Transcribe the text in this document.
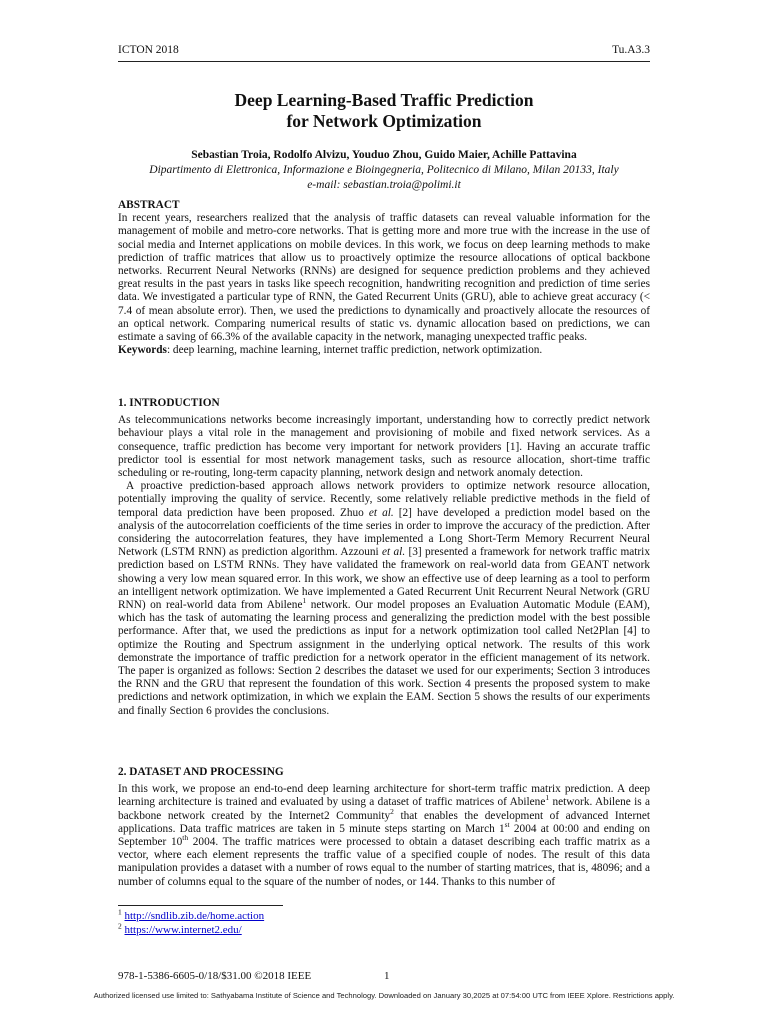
ICTON 2018	Tu.A3.3
Deep Learning-Based Traffic Prediction
for Network Optimization
Sebastian Troia, Rodolfo Alvizu, Youduo Zhou, Guido Maier, Achille Pattavina
Dipartimento di Elettronica, Informazione e Bioingegneria, Politecnico di Milano, Milan 20133, Italy
e-mail: sebastian.troia@polimi.it
ABSTRACT

In recent years, researchers realized that the analysis of traffic datasets can reveal valuable information for the management of mobile and metro-core networks. That is getting more and more true with the increase in the use of social media and Internet applications on mobile devices. In this work, we focus on deep learning methods to make prediction of traffic matrices that allow us to proactively optimize the resource allocations of optical backbone networks. Recurrent Neural Networks (RNNs) are designed for sequence prediction problems and they achieved great results in the past years in tasks like speech recognition, handwriting recognition and prediction of time series data. We investigated a particular type of RNN, the Gated Recurrent Units (GRU), able to achieve great accuracy (< 7.4 of mean absolute error). Then, we used the predictions to dynamically and proactively allocate the resources of an optical network. Comparing numerical results of static vs. dynamic allocation based on predictions, we can estimate a saving of 66.3% of the available capacity in the network, managing unexpected traffic peaks.

Keywords: deep learning, machine learning, internet traffic prediction, network optimization.

1. INTRODUCTION

As telecommunications networks become increasingly important, understanding how to correctly predict network behaviour plays a vital role in the management and provisioning of mobile and fixed network services. As a consequence, traffic prediction has become very important for network providers [1]. Having an accurate traffic predictor tool is essential for most network management tasks, such as resource allocation, short-time traffic scheduling or re-routing, long-term capacity planning, network design and network anomaly detection.

A proactive prediction-based approach allows network providers to optimize network resource allocation, potentially improving the quality of service. Recently, some relatively reliable predictive methods in the field of temporal data prediction have been proposed. Zhuo et al. [2] have developed a prediction model based on the analysis of the autocorrelation coefficients of the time series in order to improve the accuracy of the prediction. After considering the autocorrelation features, they have implemented a Long Short-Term Memory Recurrent Neural Network (LSTM RNN) as prediction algorithm. Azzouni et al. [3] presented a framework for network traffic matrix prediction based on LSTM RNNs. They have validated the framework on real-world data from GEANT network showing a very low mean squared error. In this work, we show an effective use of deep learning as a tool to perform an intelligent network optimization. We have implemented a Gated Recurrent Unit Recurrent Neural Network (GRU RNN) on real-world data from Abilene$^1$ network. Our model proposes an Evaluation Automatic Module (EAM), which has the task of automating the learning process and generalizing the prediction model with the best possible performance. After that, we used the predictions as input for a network optimization tool called Net2Plan [4] to optimize the Routing and Spectrum assignment in the underlying optical network. The results of this work demonstrate the importance of traffic prediction for a network operator in the efficient management of its network. The paper is organized as follows: Section 2 describes the dataset we used for our experiments; Section 3 introduces the RNN and the GRU that represent the foundation of this work. Section 4 presents the proposed system to make predictions and network optimization, in which we explain the EAM. Section 5 shows the results of our experiments and finally Section 6 provides the conclusions.

2. DATASET AND PROCESSING

In this work, we propose an end-to-end deep learning architecture for short-term traffic matrix prediction. A deep learning architecture is trained and evaluated by using a dataset of traffic matrices of Abilene$^1$ network. Abilene is a backbone network created by the Internet2 Community$^2$ that enables the development of advanced Internet applications. Data traffic matrices are taken in 5 minute steps starting on March 1st 2004 at 00:00 and ending on September 10th 2004. The traffic matrices were processed to obtain a dataset describing each traffic matrix as a vector, where each element represents the traffic value of a specified couple of nodes. The result of this data manipulation provides a dataset with a number of rows equal to the number of starting matrices, that is, 48096; and a number of columns equal to the square of the number of nodes, or 144. Thanks to this number of

$^1$ http://sndlib.zib.de/home.action
$^2$ https://www.internet2.edu/
978-1-5386-6605-0/18/$31.00 ©2018 IEEE	1
Authorized licensed use limited to: Sathyabama Institute of Science and Technology. Downloaded on January 30,2025 at 07:54:00 UTC from IEEE Xplore. Restrictions apply.
